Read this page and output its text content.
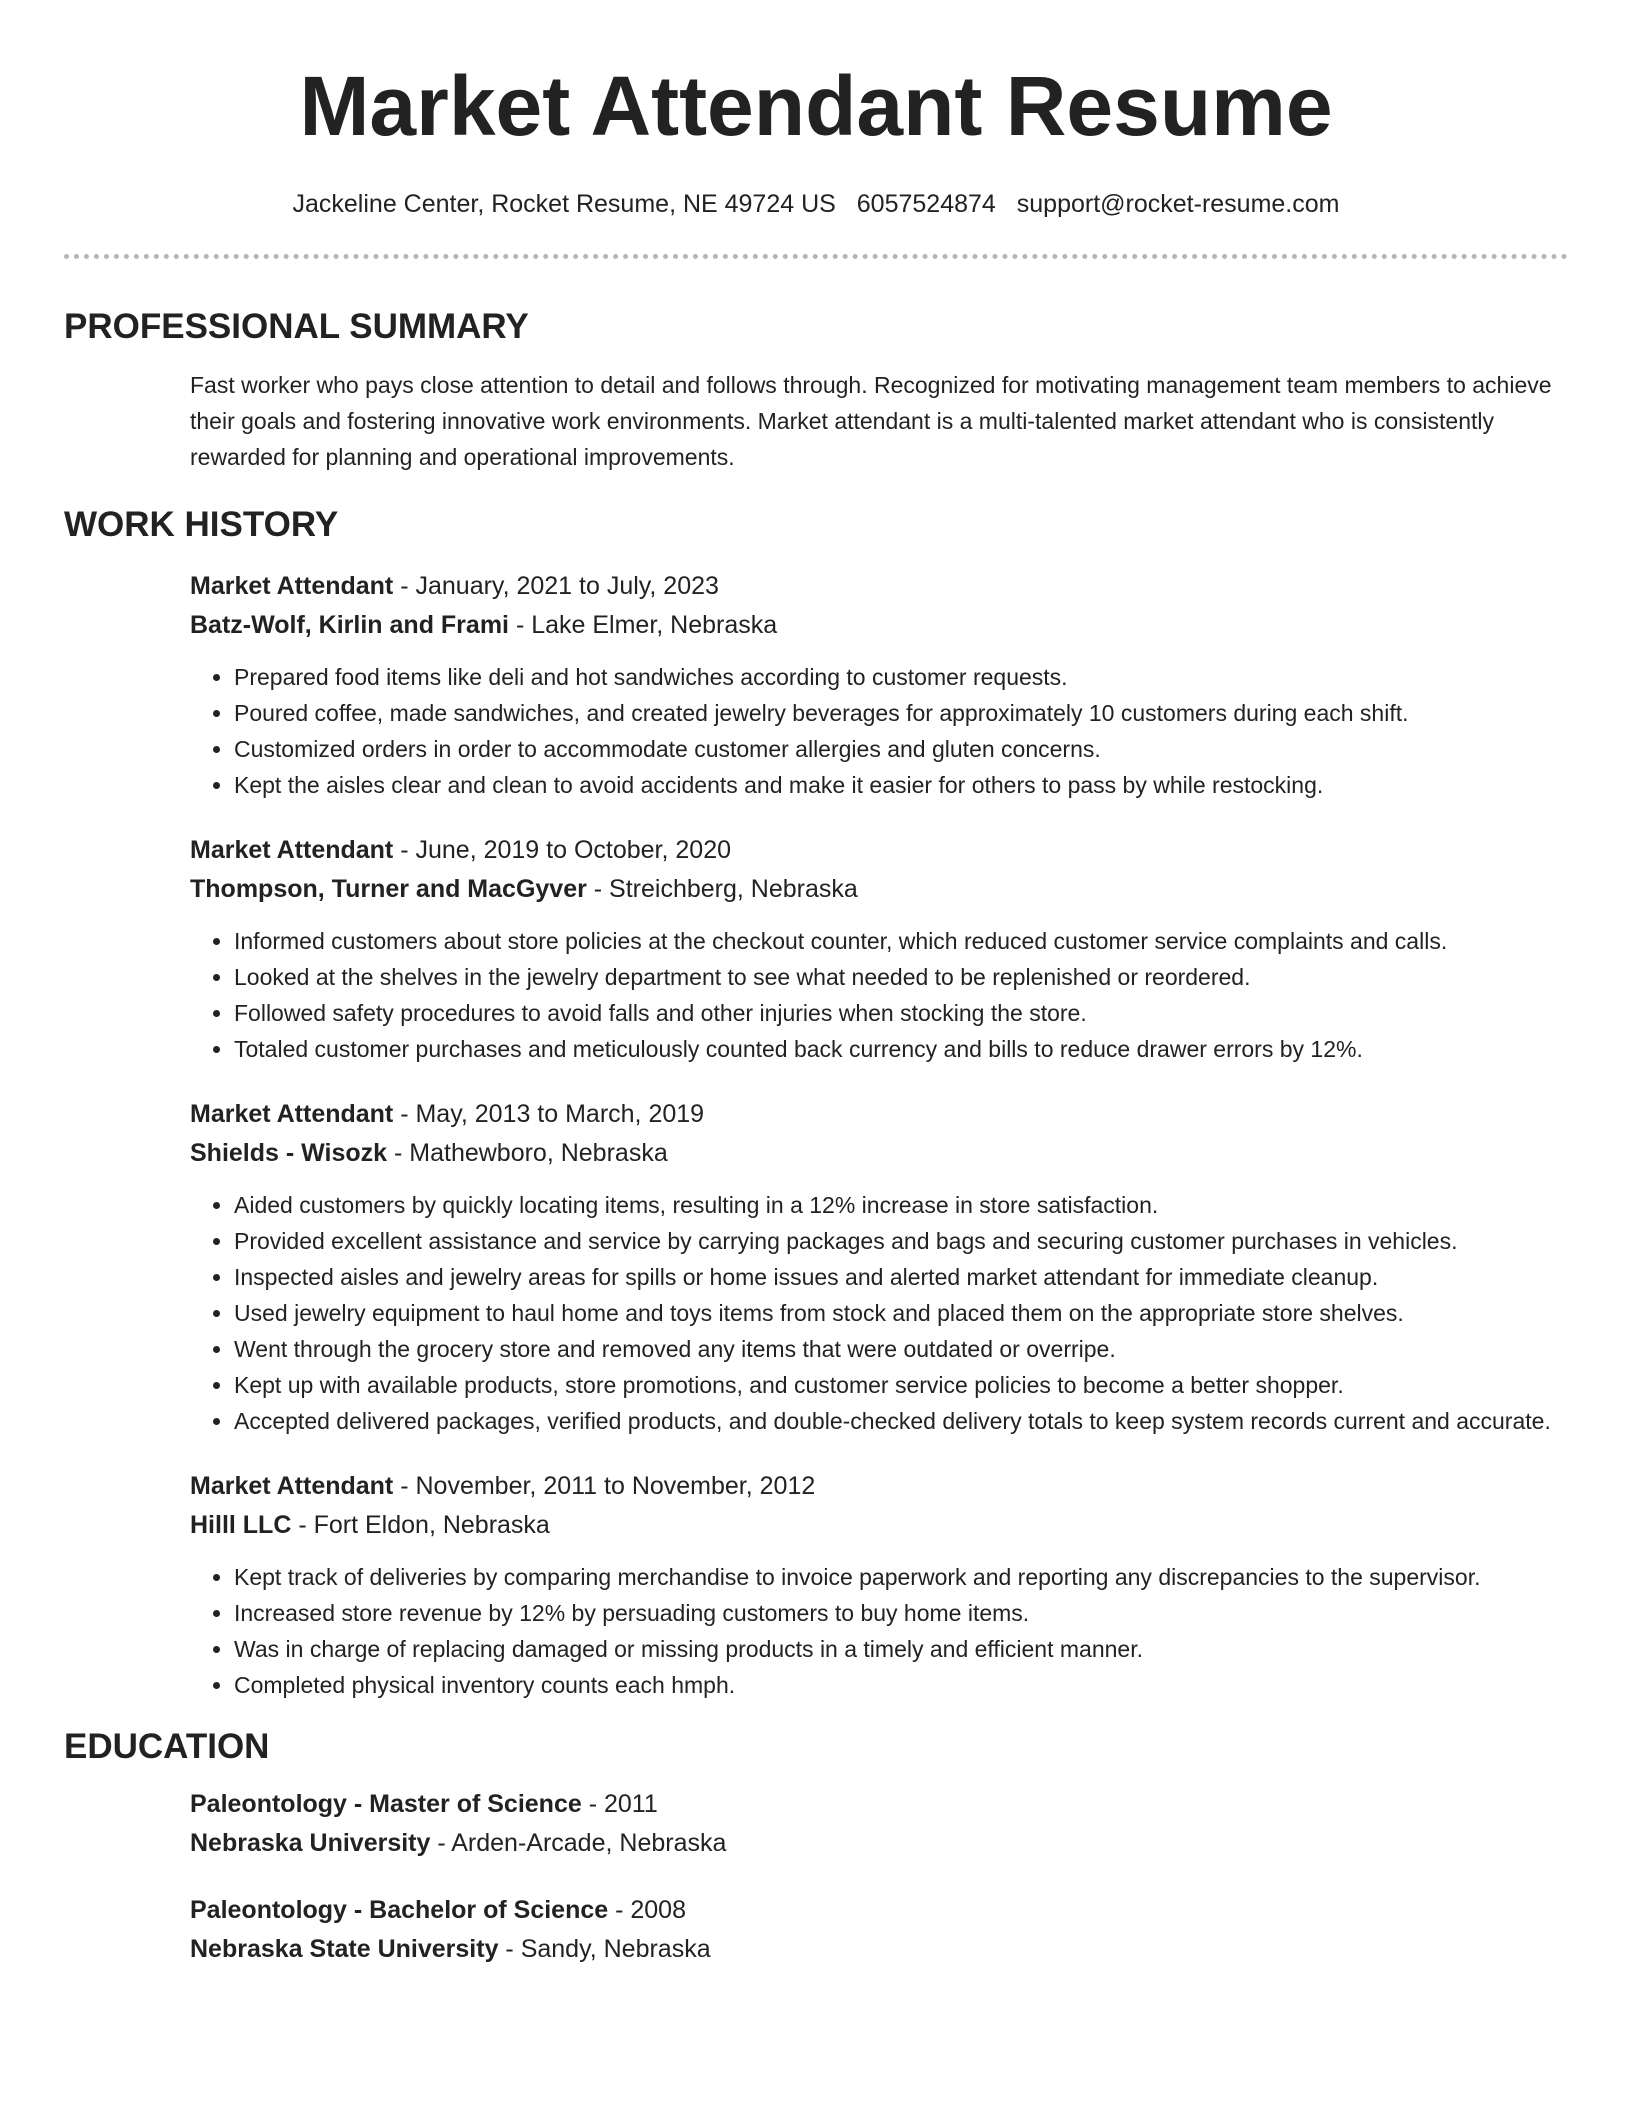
Market Attendant Resume
Jackeline Center, Rocket Resume, NE 49724 US 6057524874 support@rocket-resume.com
PROFESSIONAL SUMMARY

Fast worker who pays close attention to detail and follows through. Recognized for motivating management team members to achieve their goals and fostering innovative work environments. Market attendant is a multi-talented market attendant who is consistently rewarded for planning and operational improvements.

WORK HISTORY
Market Attendant - January, 2021 to July, 2023
Batz-Wolf, Kirlin and Frami - Lake Elmer, Nebraska
• Prepared food items like deli and hot sandwiches according to customer requests.
• Poured coffee, made sandwiches, and created jewelry beverages for approximately 10 customers during each shift.
• Customized orders in order to accommodate customer allergies and gluten concerns.
• Kept the aisles clear and clean to avoid accidents and make it easier for others to pass by while restocking.
Market Attendant - June, 2019 to October, 2020
Thompson, Turner and MacGyver - Streichberg, Nebraska
• Informed customers about store policies at the checkout counter, which reduced customer service complaints and calls.
• Looked at the shelves in the jewelry department to see what needed to be replenished or reordered.
• Followed safety procedures to avoid falls and other injuries when stocking the store.
• Totaled customer purchases and meticulously counted back currency and bills to reduce drawer errors by 12%.
Market Attendant - May, 2013 to March, 2019
Shields - Wisozk - Mathewboro, Nebraska
• Aided customers by quickly locating items, resulting in a 12% increase in store satisfaction.
• Provided excellent assistance and service by carrying packages and bags and securing customer purchases in vehicles.
• Inspected aisles and jewelry areas for spills or home issues and alerted market attendant for immediate cleanup.
• Used jewelry equipment to haul home and toys items from stock and placed them on the appropriate store shelves.
• Went through the grocery store and removed any items that were outdated or overripe.
• Kept up with available products, store promotions, and customer service policies to become a better shopper.
• Accepted delivered packages, verified products, and double-checked delivery totals to keep system records current and accurate.
Market Attendant - November, 2011 to November, 2012
Hilll LLC - Fort Eldon, Nebraska
• Kept track of deliveries by comparing merchandise to invoice paperwork and reporting any discrepancies to the supervisor.
• Increased store revenue by 12% by persuading customers to buy home items.
• Was in charge of replacing damaged or missing products in a timely and efficient manner.
• Completed physical inventory counts each hmph.
EDUCATION
Paleontology - Master of Science - 2011
Nebraska University - Arden-Arcade, Nebraska
Paleontology - Bachelor of Science - 2008
Nebraska State University - Sandy, Nebraska
